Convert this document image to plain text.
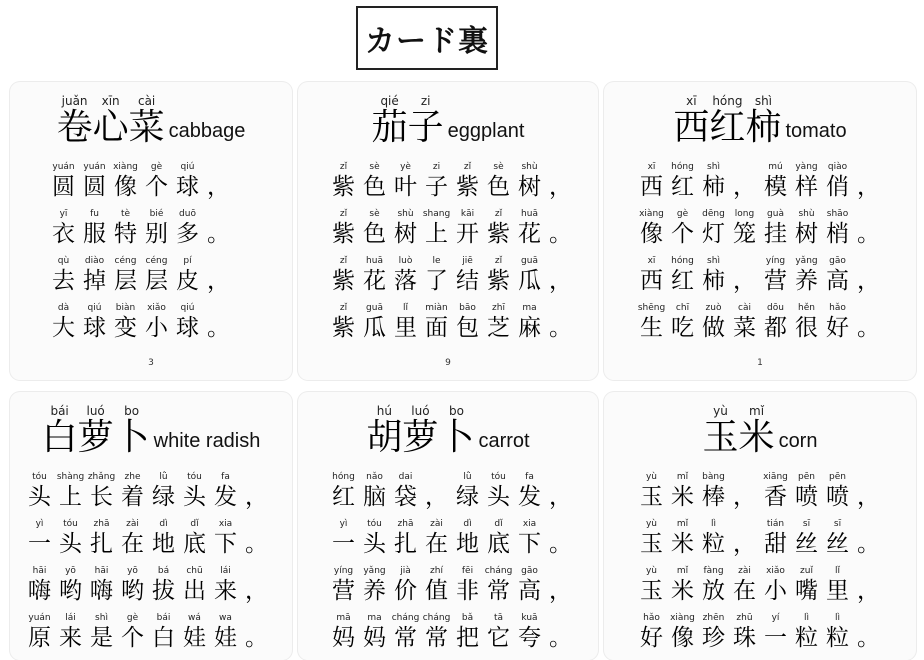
カード裏
juǎn
卷
xīn
心
cài
菜 cabbage
yuán
圆
yuán
圆
xiàng
像
gè
个
qiú
球 ，
yī
衣
fu
服
tè
特
bié
别
duō
多 。
qù
去
diào
掉
céng
层
céng
层
pí
皮 ，
dà
大
qiú
球
biàn
变
xiǎo
小
qiú
球 。
3
qié
茄
zi
子 eggplant
zǐ
紫
sè
色
yè
叶
zi
子
zǐ
紫
sè
色
shù
树 ，
zǐ
紫
sè
色
shù
树
shang
上
kāi
开
zǐ
紫
huā
花 。
zǐ
紫
huā
花
luò
落
le
了
jiē
结
zǐ
紫
guā
瓜 ，
zǐ
紫
guā
瓜
lǐ
里
miàn
面
bāo
包
zhī
芝
ma
麻 。
9
xī
西
hóng
红
shì
柿 tomato
xī
西
hóng
红
shì
柿 ，
mú
模
yàng
样
qiào
俏 ，
xiàng
像
gè
个
dēng
灯
long
笼
guà
挂
shù
树
shāo
梢 。
xī
西
hóng
红
shì
柿 ，
yíng
营
yǎng
养
gāo
高 ，
shēng
生
chī
吃
zuò
做
cài
菜
dōu
都
hěn
很
hǎo
好 。
1
bái
白
luó
萝
bo
卜 white radish
tóu
头
shàng
上
zhǎng
长
zhe
着
lǜ
绿
tóu
头
fa
发 ，
yì
一
tóu
头
zhā
扎
zài
在
dì
地
dǐ
底
xia
下 。
hāi
嗨
yō
哟
hāi
嗨
yō
哟
bá
拔
chū
出
lái
来 ，
yuán
原
lái
来
shì
是
gè
个
bái
白
wá
娃
wa
娃 。
hú
胡
luó
萝
bo
卜 carrot
hóng
红
nǎo
脑
dai
袋 ，
lǜ
绿
tóu
头
fa
发 ，
yì
一
tóu
头
zhā
扎
zài
在
dì
地
dǐ
底
xia
下 。
yíng
营
yǎng
养
jià
价
zhí
值
fēi
非
cháng
常
gāo
高 ，
mā
妈
ma
妈
cháng
常
cháng
常
bǎ
把
tā
它
kuā
夸 。
yù
玉
mǐ
米 corn
yù
玉
mǐ
米
bàng
棒 ，
xiāng
香
pēn
喷
pēn
喷 ，
yù
玉
mǐ
米
lì
粒 ，
tián
甜
sī
丝
sī
丝 。
yù
玉
mǐ
米
fàng
放
zài
在
xiǎo
小
zuǐ
嘴
lǐ
里 ，
hǎo
好
xiàng
像
zhēn
珍
zhū
珠
yí
一
lì
粒
lì
粒 。
